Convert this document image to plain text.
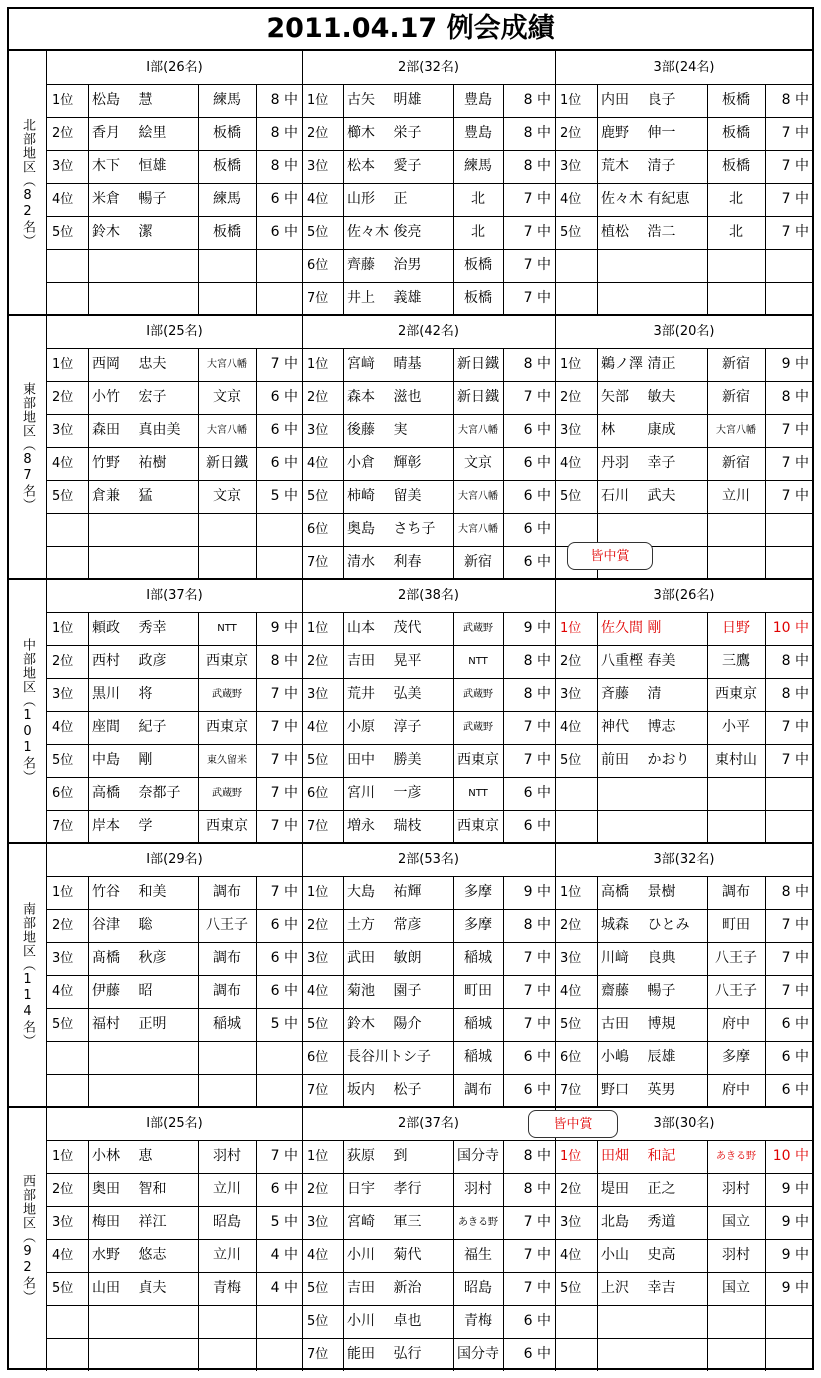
2011.04.17 例会成績
北部地区（82名）
Ⅰ部(26名)
1位	松島　 慧	練馬	8 中
2位	香月　 絵里	板橋	8 中
3位	木下　 恒雄	板橋	8 中
4位	米倉　 暢子	練馬	6 中
5位	鈴木　 潔	板橋	6 中
2部(32名)
1位	古矢　 明雄	豊島	8 中
2位	櫛木　 栄子	豊島	8 中
3位	松本　 愛子	練馬	8 中
4位	山形　 正	北	7 中
5位	佐々木 俊亮	北	7 中
6位	齊藤　 治男	板橋	7 中
7位	井上　 義雄	板橋	7 中
3部(24名)
1位	内田　 良子	板橋	8 中
2位	鹿野　 伸一	板橋	7 中
3位	荒木　 清子	板橋	7 中
4位	佐々木 有紀恵	北	7 中
5位	植松　 浩二	北	7 中
東部地区（87名）
Ⅰ部(25名)
1位	西岡　 忠夫	大宮八幡	7 中
2位	小竹　 宏子	文京	6 中
3位	森田　 真由美	大宮八幡	6 中
4位	竹野　 祐樹	新日鐵	6 中
5位	倉兼　 猛	文京	5 中
2部(42名)
1位	宮﨑　 晴基	新日鐵	8 中
2位	森本　 滋也	新日鐵	7 中
3位	後藤　 実	大宮八幡	6 中
4位	小倉　 輝彰	文京	6 中
5位	柿崎　 留美	大宮八幡	6 中
6位	奥島　 さち子	大宮八幡	6 中
7位	清水　 利春	新宿	6 中
3部(20名)
1位	鵜ノ澤 清正	新宿	9 中
2位	矢部　 敏夫	新宿	8 中
3位	林　　 康成	大宮八幡	7 中
4位	丹羽　 幸子	新宿	7 中
5位	石川　 武夫	立川	7 中
中部地区（101名）
Ⅰ部(37名)
1位	頼政　 秀幸	NTT	9 中
2位	西村　 政彦	西東京	8 中
3位	黒川　 将	武蔵野	7 中
4位	座間　 紀子	西東京	7 中
5位	中島　 剛	東久留米	7 中
6位	高橋　 奈都子	武蔵野	7 中
7位	岸本　 学	西東京	7 中
2部(38名)
1位	山本　 茂代	武蔵野	9 中
2位	吉田　 晃平	NTT	8 中
3位	荒井　 弘美	武蔵野	8 中
4位	小原　 淳子	武蔵野	7 中
5位	田中　 勝美	西東京	7 中
6位	宮川　 一彦	NTT	6 中
7位	増永　 瑞枝	西東京	6 中
3部(26名)
1位	佐久間 剛	日野	10 中
2位	八重樫 春美	三鷹	8 中
3位	斉藤　 清	西東京	8 中
4位	神代　 博志	小平	7 中
5位	前田　 かおり	東村山	7 中
南部地区（114名）
Ⅰ部(29名)
1位	竹谷　 和美	調布	7 中
2位	谷津　 聡	八王子	6 中
3位	髙橋　 秋彦	調布	6 中
4位	伊藤　 昭	調布	6 中
5位	福村　 正明	稲城	5 中
2部(53名)
1位	大島　 祐輝	多摩	9 中
2位	土方　 常彦	多摩	8 中
3位	武田　 敏朗	稲城	7 中
4位	菊池　 園子	町田	7 中
5位	鈴木　 陽介	稲城	7 中
6位	長谷川トシ子	稲城	6 中
7位	坂内　 松子	調布	6 中
3部(32名)
1位	高橋　 景樹	調布	8 中
2位	城森　 ひとみ	町田	7 中
3位	川﨑　 良典	八王子	7 中
4位	齋藤　 暢子	八王子	7 中
5位	古田　 博規	府中	6 中
6位	小嶋　 辰雄	多摩	6 中
7位	野口　 英男	府中	6 中
西部地区（92名）
Ⅰ部(25名)
1位	小林　 恵	羽村	7 中
2位	奥田　 智和	立川	6 中
3位	梅田　 祥江	昭島	5 中
4位	水野　 悠志	立川	4 中
5位	山田　 貞夫	青梅	4 中
2部(37名)
1位	荻原　 到	国分寺	8 中
2位	日宇　 孝行	羽村	8 中
3位	宮崎　 軍三	あきる野	7 中
4位	小川　 菊代	福生	7 中
5位	吉田　 新治	昭島	7 中
5位	小川　 卓也	青梅	6 中
7位	能田　 弘行	国分寺	6 中
3部(30名)
1位	田畑　 和記	あきる野	10 中
2位	堤田　 正之	羽村	9 中
3位	北島　 秀道	国立	9 中
4位	小山　 史高	羽村	9 中
5位	上沢　 幸吉	国立	9 中
皆中賞
皆中賞
